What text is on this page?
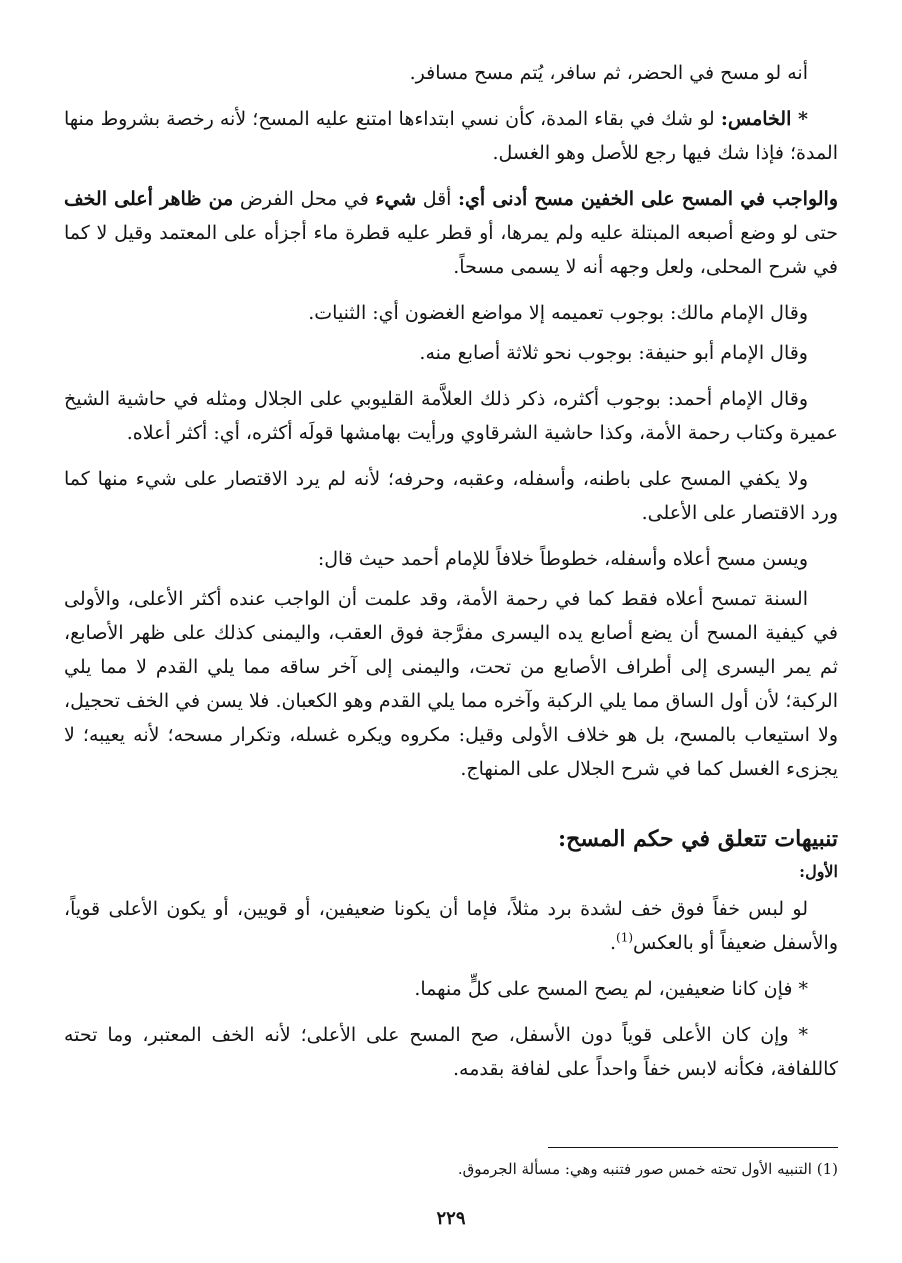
أنه لو مسح في الحضر، ثم سافر، يُتم مسح مسافر.

* الخامس: لو شك في بقاء المدة، كأن نسي ابتداءها امتنع عليه المسح؛ لأنه رخصة بشروط منها المدة؛ فإذا شك فيها رجع للأصل وهو الغسل.

والواجب في المسح على الخفين مسح أدنى أي: أقل شيء في محل الفرض من ظاهر أعلى الخف حتى لو وضع أصبعه المبتلة عليه ولم يمرها، أو قطر عليه قطرة ماء أجزأه على المعتمد وقيل لا كما في شرح المحلى، ولعل وجهه أنه لا يسمى مسحاً.

وقال الإمام مالك: بوجوب تعميمه إلا مواضع الغضون أي: الثنيات.

وقال الإمام أبو حنيفة: بوجوب نحو ثلاثة أصابع منه.

وقال الإمام أحمد: بوجوب أكثره، ذكر ذلك العلاَّمة القليوبي على الجلال ومثله في حاشية الشيخ عميرة وكتاب رحمة الأمة، وكذا حاشية الشرقاوي ورأيت بهامشها قولَه أكثره، أي: أكثر أعلاه.

ولا يكفي المسح على باطنه، وأسفله، وعقبه، وحرفه؛ لأنه لم يرد الاقتصار على شيء منها كما ورد الاقتصار على الأعلى.

ويسن مسح أعلاه وأسفله، خطوطاً خلافاً للإمام أحمد حيث قال:

السنة تمسح أعلاه فقط كما في رحمة الأمة، وقد علمت أن الواجب عنده أكثر الأعلى، والأولى في كيفية المسح أن يضع أصابع يده اليسرى مفرَّجة فوق العقب، واليمنى كذلك على ظهر الأصابع، ثم يمر اليسرى إلى أطراف الأصابع من تحت، واليمنى إلى آخر ساقه مما يلي القدم لا مما يلي الركبة؛ لأن أول الساق مما يلي الركبة وآخره مما يلي القدم وهو الكعبان. فلا يسن في الخف تحجيل، ولا استيعاب بالمسح، بل هو خلاف الأولى وقيل: مكروه ويكره غسله، وتكرار مسحه؛ لأنه يعيبه؛ لا يجزىء الغسل كما في شرح الجلال على المنهاج.

تنبيهات تتعلق في حكم المسح:
الأول:

لو لبس خفاً فوق خف لشدة برد مثلاً، فإما أن يكونا ضعيفين، أو قويين، أو يكون الأعلى قوياً، والأسفل ضعيفاً أو بالعكس$^{(1)}$.

* فإن كانا ضعيفين، لم يصح المسح على كلٍّ منهما.

* وإن كان الأعلى قوياً دون الأسفل، صح المسح على الأعلى؛ لأنه الخف المعتبر، وما تحته كاللفافة، فكأنه لابس خفاً واحداً على لفافة بقدمه.

(1) التنبيه الأول تحته خمس صور فتنبه وهي: مسألة الجرموق.
٢٢٩
